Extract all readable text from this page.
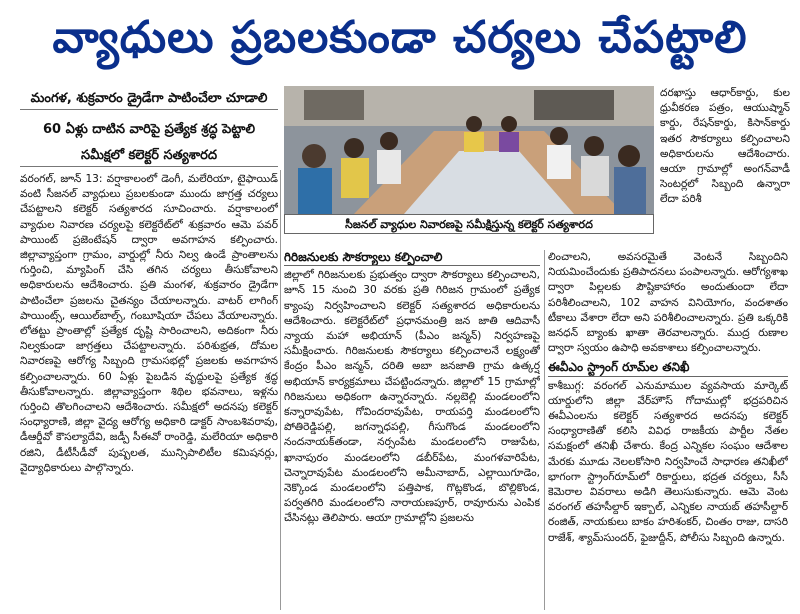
వ్యాధులు ప్రబలకుండా చర్యలు చేపట్టాలి
మంగళ, శుక్రవారం డ్రైడేగా పాటించేలా చూడాలి
60 ఏళ్లు దాటిన వారిపై ప్రత్యేక శ్రద్ధ పెట్టాలి
సమీక్షలో కలెక్టర్ సత్యశారద

వరంగల్, జూన్ 13: వర్షాకాలంలో డెంగీ, మలేరియా, టైఫాయిడ్ వంటి సీజనల్ వ్యాధులు ప్రబలకుండా ముందు జాగ్రత్త చర్యలు చేపట్టాలని కలెక్టర్ సత్యశారద సూచించారు. వర్షాకాలంలో వ్యాధుల నివారణ చర్యలపై కలెక్టరేట్‌లో శుక్రవారం ఆమె పవర్ పాయింట్ ప్రజెంటేషన్ ద్వారా అవగాహన కల్పించారు. జిల్లావ్యాప్తంగా గ్రామం, వార్డుల్లో నీరు నిల్వ ఉండే ప్రాంతాలను గుర్తించి, మ్యాపింగ్ చేసి తగిన చర్యలు తీసుకోవాలని అధికారులను ఆదేశించారు. ప్రతి మంగళ, శుక్రవారం డ్రైడేగా పాటించేలా ప్రజలను చైతన్యం చేయాలన్నారు. వాటర్ లాగింగ్ పాయింట్స్, ఆయిల్‌బాల్స్, గంబూషియా చేపలు వేయాలన్నారు. లోతట్టు ప్రాంతాల్లో ప్రత్యేక దృష్టి సారించాలని, అదికంగా నీరు నిల్వకుండా జాగ్రత్తలు చేపట్టాలన్నారు. పరిశుభ్రత, దోమల నివారణపై ఆరోగ్య సిబ్బంది గ్రామసభల్లో ప్రజలకు అవగాహన కల్పించాలన్నారు. 60 ఏళ్లు పైబడిన వృద్ధులపై ప్రత్యేక శ్రద్ధ తీసుకోవాలన్నారు. జిల్లావ్యాప్తంగా శిథిల భవనాలు, ఇళ్లను గుర్తించి తొలగించాలని ఆదేశించారు. సమీక్షలో అదనపు కలెక్టర్ సంధ్యారాణి, జిల్లా వైద్య ఆరోగ్య అధికారి డాక్టర్ సాంబశివరావు, డీఆర్డీవో కౌసల్యాదేవి, జడ్పీ సీఈవో రాంరెడ్డి, మలేరియా అధికారి రజిని, డీటీసీడీవో పుష్పలత, మున్సిపాలిటీల కమిషనర్లు, వైద్యాధికారులు పాల్గొన్నారు.

సీజనల్ వ్యాధుల నివారణపై సమీక్షిస్తున్న కలెక్టర్ సత్యశారద

దరఖాస్తు ఆధార్‌కార్డు, కుల ధ్రువీకరణ పత్రం, ఆయుష్మాన్ కార్డు, రేషన్‌కార్డు, కిసాన్‌కార్డు ఇతర సౌకర్యాలు కల్పించాలని అధికారులను ఆదేశించారు. ఆయా గ్రామాల్లో అంగన్‌వాడీ సెంటర్లలో సిబ్బంది ఉన్నారా లేదా పరిశీ

గిరిజనులకు సౌకర్యాలు కల్పించాలి

జిల్లాలో గిరిజనులకు ప్రభుత్వం ద్వారా సౌకర్యాలు కల్పించాలని, జూన్ 15 నుంచి 30 వరకు ప్రతి గిరిజన గ్రామంలో ప్రత్యేక క్యాంపు నిర్వహించాలని కలెక్టర్ సత్యశారద అధికారులను ఆదేశించారు. కలెక్టరేట్‌లో ప్రధానమంత్రి జన జాతి ఆదివాసీ న్యాయ మహా అభియాన్ (పీఎం జన్మన్) నిర్వహణపై సమీక్షించారు. గిరిజనులకు సౌకర్యాలు కల్పించాలనే లక్ష్యంతో కేంద్రం పీఎం జన్మన్, దరితి అబా జనజాతి గ్రామ ఉత్కర్ష అభియాన్ కార్యక్రమాలు చేపట్టిందన్నారు. జిల్లాలో 15 గ్రామాల్లో గిరిజనులు అధికంగా ఉన్నారన్నారు. నల్లబెల్లి మండలంలోని కన్నారావుపేట, గోవిందరావుపేట, రాయపర్తి మండలంలోని పోతిరెడ్డిపల్లి, జగన్నాధపల్లి, గీసుగొండ మండలంలోని నందనాయక్‌తండా, నర్సంపేట మండలంలోని రాజుపేట, ఖానాపురం మండలంలోని డబీర్‌పేట, మంగళవారిపేట, చెన్నారావుపేట మండలంలోని అమీనాబాద్, ఎల్లాయిగూడెం, నెక్కొండ మండలంలోని పత్తిపాక, గొట్లకొండ, బొల్లికొండ, పర్వతగిరి మండలంలోని నారాయణపూర్, రావూరును ఎంపిక చేసినట్లు తెలిపారు. ఆయా గ్రామాల్లోని ప్రజలను

లించాలని, అవసరమైతే వెంటనే సిబ్బందిని నియమించేందుకు ప్రతిపాదనలు పంపాలన్నారు. ఆరోగ్యశాఖ ద్వారా పిల్లలకు పౌష్టికాహారం అందుతుందా లేదా పరిశీలించాలని, 102 వాహన వినియోగం, వందశాతం టీకాలు వేశారా లేదా అని పరిశీలించాలన్నారు. ప్రతి ఒక్కరికి జనధన్ బ్యాంకు ఖాతా తెరవాలన్నారు. ముద్ర రుణాల ద్వారా స్వయం ఉపాధి అవకాశాలు కల్పించాలన్నారు.

ఈవీఎం స్ట్రాంగ్ రూమ్‌ల తనిఖీ

కాశీబుగ్గ: వరంగల్ ఎనుమాముల వ్యవసాయ మార్కెట్ యార్డులోని జిల్లా వేర్‌హౌస్ గోదాముల్లో భద్రపరిచిన ఈవీఎంలను కలెక్టర్ సత్యశారద అదనపు కలెక్టర్ సంధ్యారాణితో కలిసి వివిధ రాజకీయ పార్టీల నేతల సమక్షంలో తనిఖీ చేశారు. కేంద్ర ఎన్నికల సంఘం ఆదేశాల మేరకు మూడు నెలలకోసారి నిర్వహించే సాధారణ తనిఖీలో భాగంగా స్ట్రాంగ్‌రూమ్‌లో రికార్డులు, భద్రత చర్యలు, సీసీ కెమెరాల వివరాలు అడిగి తెలుసుకున్నారు. ఆమె వెంట వరంగల్ తహసీల్దార్ ఇక్బాల్, ఎన్నికల నాయబ్ తహసీల్దార్ రంజిత్, నాయకులు బాకం హరిశంకర్, చింతం రాజు, దాసరి రాజేశ్, శ్యామ్‌సుందర్, ఫైజుద్దీన్, పోలీసు సిబ్బంది ఉన్నారు.
